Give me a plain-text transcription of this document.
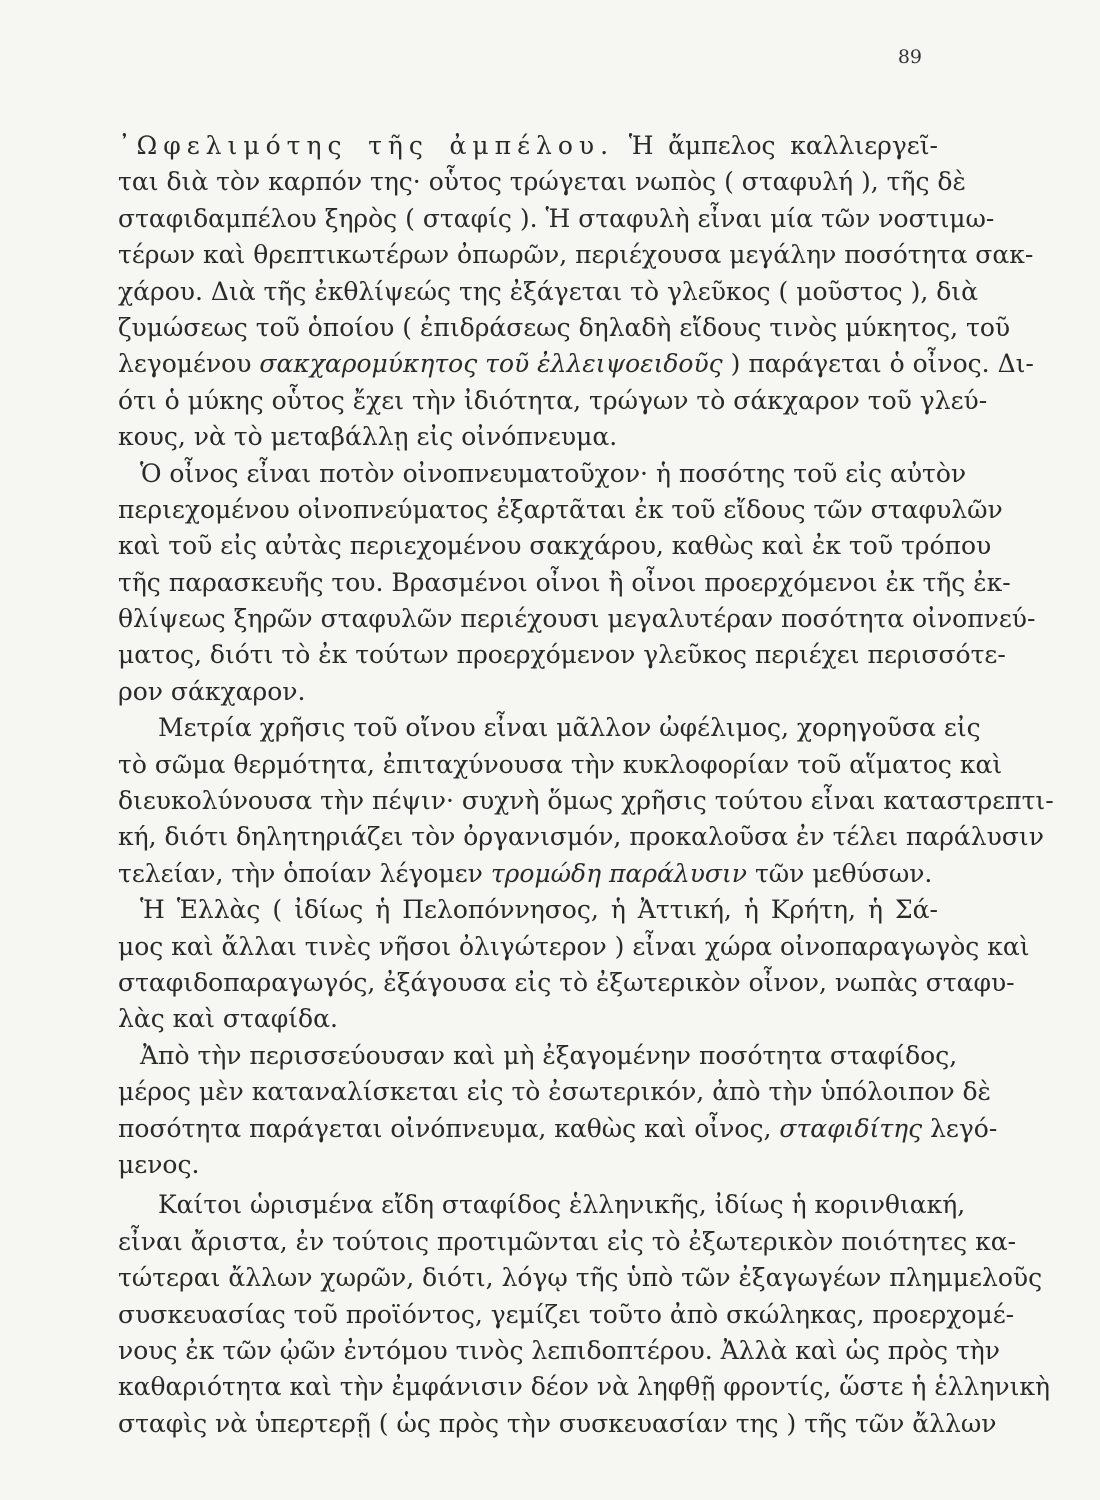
89
᾿Ωφελιμότης τῆς ἀμπέλου. Ἡ ἄμπελος καλλιεργεῖ-
ται διὰ τὸν καρπόν της· οὗτος τρώγεται νωπὸς ( σταφυλή ), τῆς δὲ
σταφιδαμπέλου ξηρὸς ( σταφίς ). Ἡ σταφυλὴ εἶναι μία τῶν νοστιμω-
τέρων καὶ θρεπτικωτέρων ὀπωρῶν, περιέχουσα μεγάλην ποσότητα σακ-
χάρου. Διὰ τῆς ἐκθλίψεώς της ἐξάγεται τὸ γλεῦκος ( μοῦστος ), διὰ
ζυμώσεως τοῦ ὁποίου ( ἐπιδράσεως δηλαδὴ εἴδους τινὸς μύκητος, τοῦ
λεγομένου σακχαρομύκητος τοῦ ἐλλειψοειδοῦς ) παράγεται ὁ οἶνος. Δι-
ότι ὁ μύκης οὗτος ἔχει τὴν ἰδιότητα, τρώγων τὸ σάκχαρον τοῦ γλεύ-
κους, νὰ τὸ μεταβάλλῃ εἰς οἰνόπνευμα.
Ὁ οἶνος εἶναι ποτὸν οἰνοπνευματοῦχον· ἡ ποσότης τοῦ εἰς αὐτὸν
περιεχομένου οἰνοπνεύματος ἐξαρτᾶται ἐκ τοῦ εἴδους τῶν σταφυλῶν
καὶ τοῦ εἰς αὐτὰς περιεχομένου σακχάρου, καθὼς καὶ ἐκ τοῦ τρόπου
τῆς παρασκευῆς του. Βρασμένοι οἶνοι ἢ οἶνοι προερχόμενοι ἐκ τῆς ἐκ-
θλίψεως ξηρῶν σταφυλῶν περιέχουσι μεγαλυτέραν ποσότητα οἰνοπνεύ-
ματος, διότι τὸ ἐκ τούτων προερχόμενον γλεῦκος περιέχει περισσότε-
ρον σάκχαρον.
Μετρία χρῆσις τοῦ οἴνου εἶναι μᾶλλον ὠφέλιμος, χορηγοῦσα εἰς
τὸ σῶμα θερμότητα, ἐπιταχύνουσα τὴν κυκλοφορίαν τοῦ αἵματος καὶ
διευκολύνουσα τὴν πέψιν· συχνὴ ὅμως χρῆσις τούτου εἶναι καταστρεπτι-
κή, διότι δηλητηριάζει τὸν ὀργανισμόν, προκαλοῦσα ἐν τέλει παράλυσιν
τελείαν, τὴν ὁποίαν λέγομεν τρομώδη παράλυσιν τῶν μεθύσων.
Ἡ Ἑλλὰς ( ἰδίως ἡ Πελοπόννησος, ἡ Ἀττική, ἡ Κρήτη, ἡ Σά-
μος καὶ ἄλλαι τινὲς νῆσοι ὀλιγώτερον ) εἶναι χώρα οἰνοπαραγωγὸς καὶ
σταφιδοπαραγωγός, ἐξάγουσα εἰς τὸ ἐξωτερικὸν οἶνον, νωπὰς σταφυ-
λὰς καὶ σταφίδα.
Ἀπὸ τὴν περισσεύουσαν καὶ μὴ ἐξαγομένην ποσότητα σταφίδος,
μέρος μὲν καταναλίσκεται εἰς τὸ ἐσωτερικόν, ἀπὸ τὴν ὑπόλοιπον δὲ
ποσότητα παράγεται οἰνόπνευμα, καθὼς καὶ οἶνος, σταφιδίτης λεγό-
μενος.
Καίτοι ὡρισμένα εἴδη σταφίδος ἑλληνικῆς, ἰδίως ἡ κορινθιακή,
εἶναι ἄριστα, ἐν τούτοις προτιμῶνται εἰς τὸ ἐξωτερικὸν ποιότητες κα-
τώτεραι ἄλλων χωρῶν, διότι, λόγῳ τῆς ὑπὸ τῶν ἐξαγωγέων πλημμελοῦς
συσκευασίας τοῦ προϊόντος, γεμίζει τοῦτο ἀπὸ σκώληκας, προερχομέ-
νους ἐκ τῶν ᾠῶν ἐντόμου τινὸς λεπιδοπτέρου. Ἀλλὰ καὶ ὡς πρὸς τὴν
καθαριότητα καὶ τὴν ἐμφάνισιν δέον νὰ ληφθῇ φροντίς, ὥστε ἡ ἑλληνικὴ
σταφὶς νὰ ὑπερτερῇ ( ὡς πρὸς τὴν συσκευασίαν της ) τῆς τῶν ἄλλων
